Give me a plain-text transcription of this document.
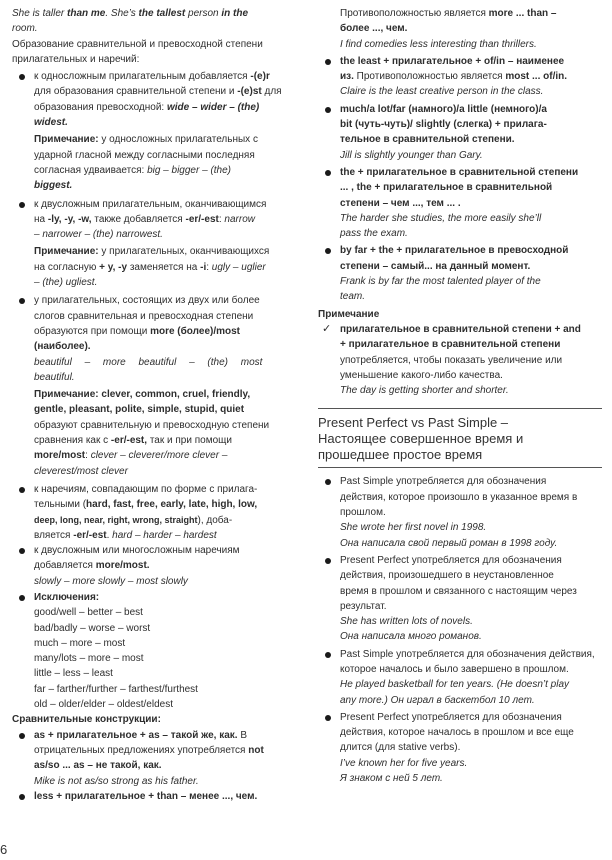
She is taller than me. She’s the tallest person in the

room.

Образование сравнительной и превосходной степени прилагательных и наречий:

к односложным прилагательным добавляется -(e)r

для образования сравнительной степени и -(e)st для

образования превосходной: wide – wider – (the)

widest.

Примечание: у односложных прилагательных с

ударной гласной между согласными последняя

согласная удваивается: big – bigger – (the)

biggest.

к двусложным прилагательным, оканчивающимся

на -ly, -y, -w, также добавляется -er/-est: narrow

– narrower – (the) narrowest.

Примечание: у прилагательных, оканчивающихся

на согласную + y, -y заменяется на -i: ugly – uglier

– (the) ugliest.

у прилагательных, состоящих из двух или более

слогов сравнительная и превосходная степени

образуются при помощи more (более)/most

(наиболее).

beautiful – more beautiful – (the) most

beautiful.

Примечание: clever, common, cruel, friendly,

gentle, pleasant, polite, simple, stupid, quiet

образуют сравнительную и превосходную степени

сравнения как с -er/-est, так и при помощи

more/most: clever – cleverer/more clever –

cleverest/most clever

к наречиям, совпадающим по форме с прилага-

тельными (hard, fast, free, early, late, high, low,

deep, long, near, right, wrong, straight), доба-

вляется -er/-est. hard – harder – hardest

к двусложным или многосложным наречиям

добавляется more/most.

slowly – more slowly – most slowly

Исключения:

good/well – better – best

bad/badly – worse – worst

much – more – most

many/lots – more – most

little – less – least

far – farther/further – farthest/furthest

old – older/elder – oldest/eldest

Сравнительные конструкции:

as + прилагательное + as – такой же, как. В

отрицательных предложениях употребляется not

as/so ... as – не такой, как.

Mike is not as/so strong as his father.

less + прилагательное + than – менее ..., чем.

6

Противоположностью является more ... than –

более ..., чем.

I find comedies less interesting than thrillers.

the least + прилагательное + of/in – наименее

из. Противоположностью является most ... of/in.

Claire is the least creative person in the class.

much/a lot/far (намного)/a little (немного)/a

bit (чуть-чуть)/ slightly (слегка) + прилага-

тельное в сравнительной степени.

Jill is slightly younger than Gary.

the + прилагательное в сравнительной степени

... , the + прилагательное в сравнительной

степени – чем ..., тем ... .

The harder she studies, the more easily she’ll

pass the exam.

by far + the + прилагательное в превосходной

степени – самый... на данный момент.

Frank is by far the most talented player of the

team.

Примечание

✓ прилагательное в сравнительной степени + and

+ прилагательное в сравнительной степени

употребляется, чтобы показать увеличение или

уменьшение какого-либо качества.

The day is getting shorter and shorter.

Present Perfect vs Past Simple –

Настоящее совершенное время и

прошедшее простое время

Past Simple употребляется для обозначения

действия, которое произошло в указанное время в

прошлом.

She wrote her first novel in 1998.

Она написала свой первый роман в 1998 году.

Present Perfect употребляется для обозначения

действия, произошедшего в неустановленное

время в прошлом и связанного с настоящим через

результат.

She has written lots of novels.

Она написала много романов.

Past Simple употребляется для обозначения действия,

которое началось и было завершено в прошлом.

He played basketball for ten years. (He doesn’t play

any more.) Он играл в баскетбол 10 лет.

Present Perfect употребляется для обозначения

действия, которое началось в прошлом и все еще

длится (для stative verbs).

I’ve known her for five years.

Я знаком с ней 5 лет.
